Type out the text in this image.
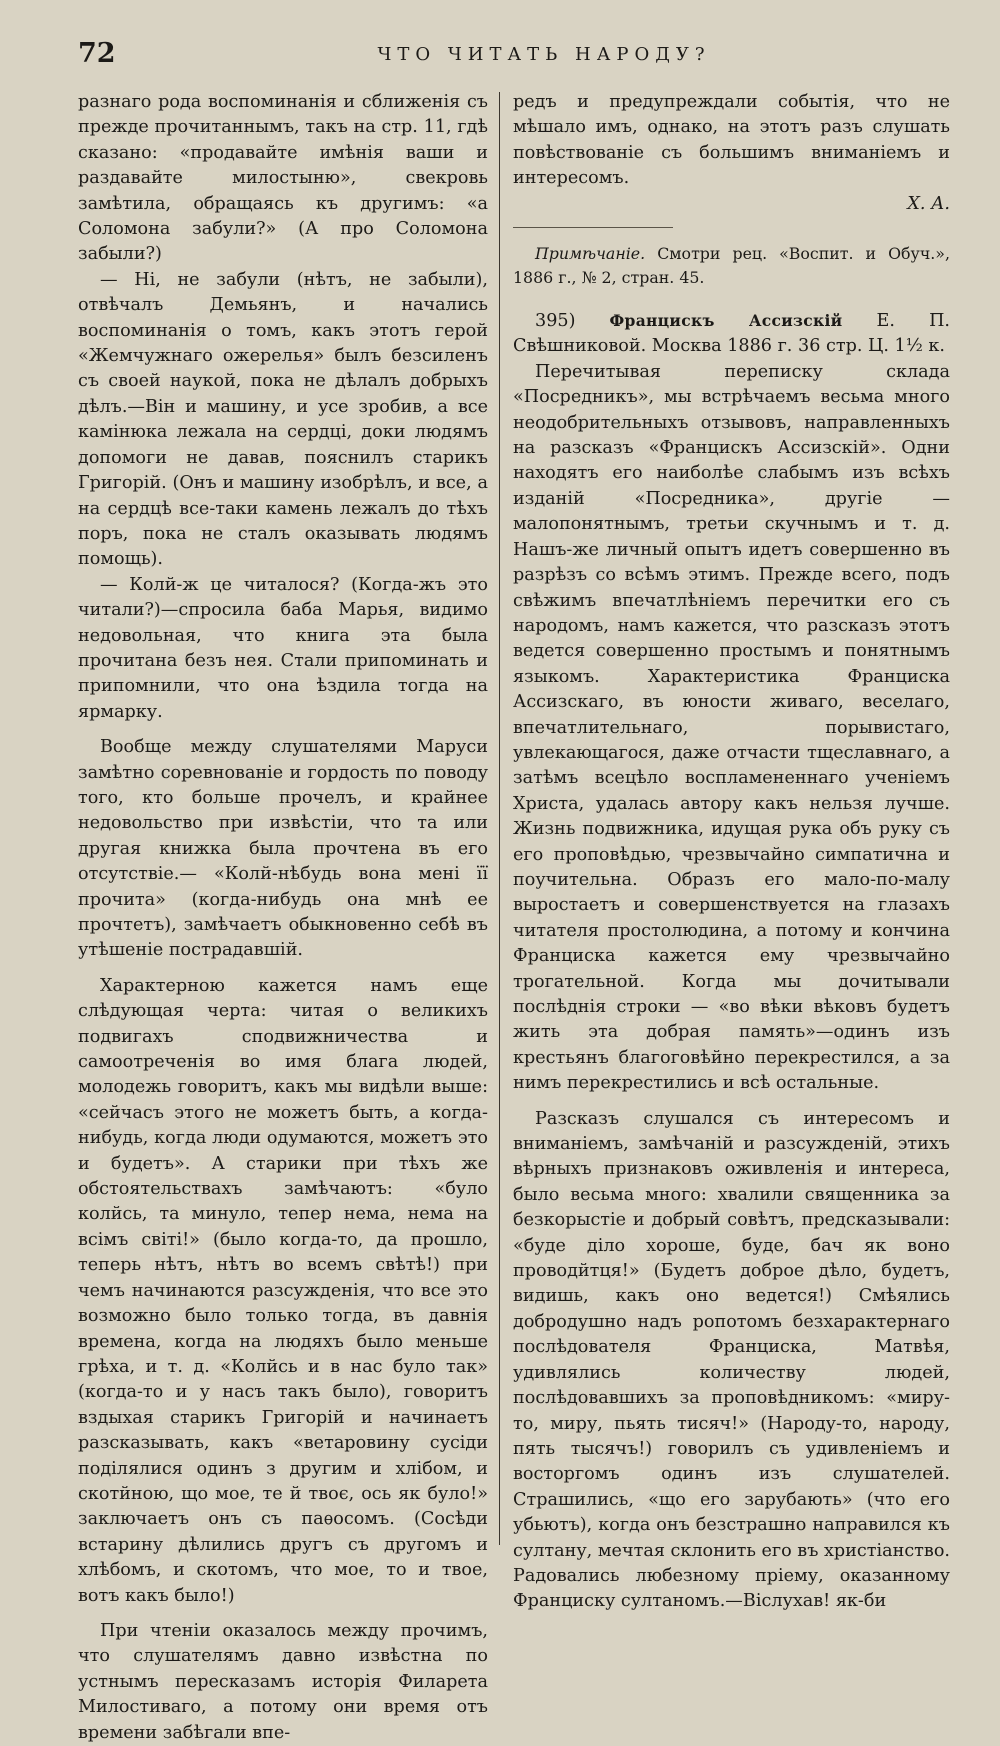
72	ЧТО ЧИТАТЬ НАРОДУ?

разнаго рода воспоминанія и сближенія съ прежде прочитаннымъ, такъ на стр. 11, гдѣ сказано: «продавайте имѣнія ваши и раздавайте милостыню», свекровь замѣтила, обращаясь къ другимъ: «а Соломона забули?» (А про Соломона забыли?)

— Ні, не забули (нѣтъ, не забыли), отвѣчалъ Демьянъ, и начались воспоминанія о томъ, какъ этотъ герой «Жемчужнаго ожерелья» былъ безсиленъ съ своей наукой, пока не дѣлалъ добрыхъ дѣлъ.—Він и машину, и усе зробив, а все камінюка лежала на сердці, доки людямъ допомоги не давав, пояснилъ старикъ Григорій. (Онъ и машину изобрѣлъ, и все, а на сердцѣ все-таки камень лежалъ до тѣхъ поръ, пока не сталъ оказывать людямъ помощь).

— Колй-ж це читалося? (Когда-жъ это читали?)—спросила баба Марья, видимо недовольная, что книга эта была прочитана безъ нея. Стали припоминать и припомнили, что она ѣздила тогда на ярмарку.

Вообще между слушателями Маруси замѣтно соревнованіе и гордость по поводу того, кто больше прочелъ, и крайнее недовольство при извѣстіи, что та или другая книжка была прочтена въ его отсутствіе.— «Колй-нѣбудь вона мені її прочита» (когда-нибудь она мнѣ ее прочтетъ), замѣчаетъ обыкновенно себѣ въ утѣшеніе пострадавшій.

Характерною кажется намъ еще слѣдующая черта: читая о великихъ подвигахъ сподвижничества и самоотреченія во имя блага людей, молодежь говоритъ, какъ мы видѣли выше: «сейчасъ этого не можетъ быть, а когда-нибудь, когда люди одумаются, можетъ это и будетъ». А старики при тѣхъ же обстоятельствахъ замѣчаютъ: «було колйсь, та минуло, тепер нема, нема на всімъ світі!» (было когда-то, да прошло, теперь нѣтъ, нѣтъ во всемъ свѣтѣ!) при чемъ начинаются разсужденія, что все это возможно было только тогда, въ давнія времена, когда на людяхъ было меньше грѣха, и т. д. «Колйсь и в нас було так» (когда-то и у насъ такъ было), говоритъ вздыхая старикъ Григорій и начинаетъ разсказывать, какъ «ветаровину сусіди поділялися одинъ з другим и хлібом, и скотйною, що мое, те й твоє, ось як було!» заключаетъ онъ съ паѳосомъ. (Сосѣди встарину дѣлились другъ съ другомъ и хлѣбомъ, и скотомъ, что мое, то и твое, вотъ какъ было!)

При чтеніи оказалось между прочимъ, что слушателямъ давно извѣстна по устнымъ пересказамъ исторія Филарета Милостиваго, а потому они время отъ времени забѣгали впе-

редъ и предупреждали событія, что не мѣшало имъ, однако, на этотъ разъ слушать повѣствованіе съ большимъ вниманіемъ и интересомъ.

Х. А.

Примѣчаніе. Смотри рец. «Воспит. и Обуч.», 1886 г., № 2, стран. 45.

395) Францискъ Ассизскій Е. П. Свѣшниковой. Москва 1886 г. 36 стр. Ц. 1½ к.

Перечитывая переписку склада «Посредникъ», мы встрѣчаемъ весьма много неодобрительныхъ отзывовъ, направленныхъ на разсказъ «Францискъ Ассизскій». Одни находятъ его наиболѣе слабымъ изъ всѣхъ изданій «Посредника», другіе — малопонятнымъ, третьи скучнымъ и т. д. Нашъ-же личный опытъ идетъ совершенно въ разрѣзъ со всѣмъ этимъ. Прежде всего, подъ свѣжимъ впечатлѣніемъ перечитки его съ народомъ, намъ кажется, что разсказъ этотъ ведется совершенно простымъ и понятнымъ языкомъ. Характеристика Франциска Ассизскаго, въ юности живаго, веселаго, впечатлительнаго, порывистаго, увлекающагося, даже отчасти тщеславнаго, а затѣмъ всецѣло воспламененнаго ученіемъ Христа, удалась автору какъ нельзя лучше. Жизнь подвижника, идущая рука объ руку съ его проповѣдью, чрезвычайно симпатична и поучительна. Образъ его мало-по-малу выростаетъ и совершенствуется на глазахъ читателя простолюдина, а потому и кончина Франциска кажется ему чрезвычайно трогательной. Когда мы дочитывали послѣднія строки — «во вѣки вѣковъ будетъ жить эта добрая память»—одинъ изъ крестьянъ благоговѣйно перекрестился, а за нимъ перекрестились и всѣ остальные.

Разсказъ слушался съ интересомъ и вниманіемъ, замѣчаній и разсужденій, этихъ вѣрныхъ признаковъ оживленія и интереса, было весьма много: хвалили священника за безкорыстіе и добрый совѣтъ, предсказывали: «буде діло хороше, буде, бач як воно проводйтця!» (Будетъ доброе дѣло, будетъ, видишь, какъ оно ведется!) Смѣялись добродушно надъ ропотомъ безхарактернаго послѣдователя Франциска, Матвѣя, удивлялись количеству людей, послѣдовавшихъ за проповѣдникомъ: «миру-то, миру, пьять тисяч!» (Народу-то, народу, пять тысячъ!) говорилъ съ удивленіемъ и восторгомъ одинъ изъ слушателей. Страшились, «що его зарубають» (что его убьютъ), когда онъ безстрашно направился къ султану, мечтая склонить его въ христіанство. Радовались любезному пріему, оказанному Франциску султаномъ.—Віслухав! як-би
